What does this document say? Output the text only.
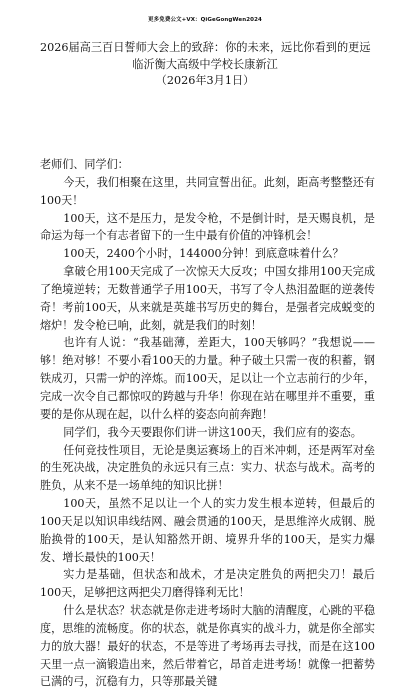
更多免费公文+VX：QiGeGongWen2024
2026届高三百日誓师大会上的致辞：你的未来，远比你看到的更远
临沂衡大高级中学校长康新江
（2026年3月1日）

老师们、同学们：

今天，我们相聚在这里，共同宣誓出征。此刻，距高考整整还有100天！

100天，这不是压力，是发令枪，不是倒计时，是天赐良机，是命运为每一个有志者留下的一生中最有价值的冲锋机会！

100天，2400个小时，144000分钟！到底意味着什么？

拿破仑用100天完成了一次惊天大反攻；中国女排用100天完成了绝境逆转；无数普通学子用100天，书写了令人热泪盈眶的逆袭传奇！考前100天，从来就是英雄书写历史的舞台，是强者完成蜕变的熔炉！发令枪已响，此刻，就是我们的时刻！

也许有人说：“我基础薄，差距大，100天够吗？”我想说——够！绝对够！不要小看100天的力量。种子破土只需一夜的积蓄，钢铁成刃，只需一炉的淬炼。而100天，足以让一个立志前行的少年，完成一次令自己都惊叹的跨越与升华！你现在站在哪里并不重要，重要的是你从现在起，以什么样的姿态向前奔跑！

同学们，我今天要跟你们讲一讲这100天，我们应有的姿态。

任何竞技性项目，无论是奥运赛场上的百米冲刺，还是两军对垒的生死决战，决定胜负的永远只有三点：实力、状态与战术。高考的胜负，从来不是一场单纯的知识比拼！

100天，虽然不足以让一个人的实力发生根本逆转，但最后的100天足以知识串线结网、融会贯通的100天，是思维淬火成钢、脱胎换骨的100天，是认知豁然开朗、境界升华的100天，是实力爆发、增长最快的100天！

实力是基础，但状态和战术，才是决定胜负的两把尖刀！最后100天，足够把这两把尖刀磨得锋利无比！

什么是状态？状态就是你走进考场时大脑的清醒度，心跳的平稳度，思维的流畅度。你的状态，就是你真实的战斗力，就是你全部实力的放大器！最好的状态，不是等进了考场再去寻找，而是在这100天里一点一滴锻造出来，然后带着它，昂首走进考场！就像一把蓄势已满的弓，沉稳有力，只等那最关键
